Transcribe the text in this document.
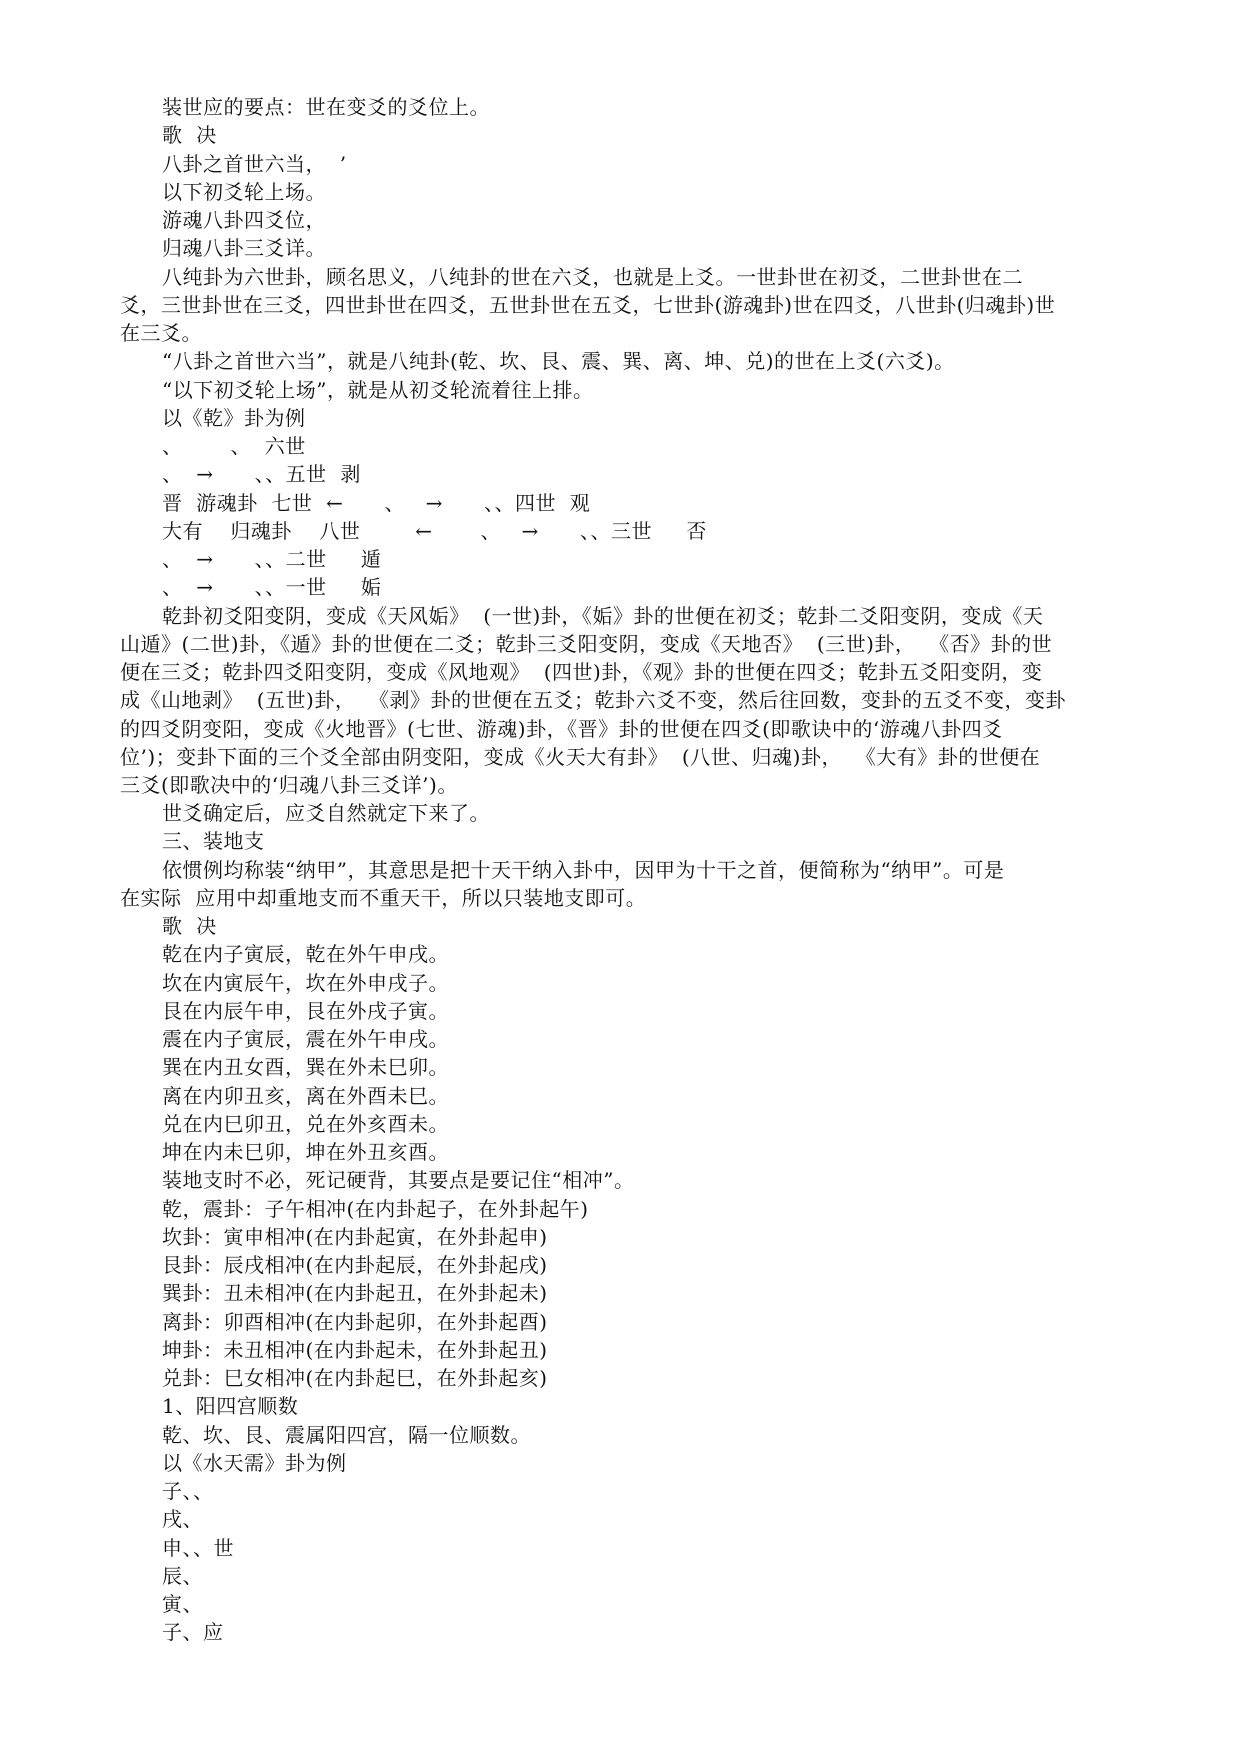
装世应的要点：世在变爻的爻位上。
歌  决
八卦之首世六当，  ’
以下初爻轮上场。
游魂八卦四爻位，
归魂八卦三爻详。
八纯卦为六世卦，顾名思义，八纯卦的世在六爻，也就是上爻。一世卦世在初爻，二世卦世在二
爻，三世卦世在三爻，四世卦世在四爻，五世卦世在五爻，七世卦(游魂卦)世在四爻，八世卦(归魂卦)世
在三爻。
“八卦之首世六当”，就是八纯卦(乾、坎、艮、震、巽、离、坤、兑)的世在上爻(六爻)。
“以下初爻轮上场”，就是从初爻轮流着往上排。
以《乾》卦为例
、       、  六世
、  →      、、五世  剥
晋  游魂卦  七世  ←      、   →      、、四世  观
大有    归魂卦    八世        ←       、   →      、、三世     否
、  →      、、二世     遁
、  →      、、一世     姤
乾卦初爻阳变阴，变成《天风姤》  (一世)卦，《姤》卦的世便在初爻；乾卦二爻阳变阴，变成《天
山遁》(二世)卦，《遁》卦的世便在二爻；乾卦三爻阳变阴，变成《天地否》  (三世)卦，  《否》卦的世
便在三爻；乾卦四爻阳变阴，变成《风地观》  (四世)卦，《观》卦的世便在四爻；乾卦五爻阳变阴，变
成《山地剥》  (五世)卦，  《剥》卦的世便在五爻；乾卦六爻不变，然后往回数，变卦的五爻不变，变卦
的四爻阴变阳，变成《火地晋》(七世、游魂)卦，《晋》卦的世便在四爻(即歌诀中的‘游魂八卦四爻
位’)；变卦下面的三个爻全部由阴变阳，变成《火天大有卦》  (八世、归魂)卦，  《大有》卦的世便在
三爻(即歌决中的‘归魂八卦三爻详’)。
世爻确定后，应爻自然就定下来了。
三、装地支
依惯例均称装“纳甲”，其意思是把十天干纳入卦中，因甲为十干之首，便简称为“纳甲”。可是
在实际  应用中却重地支而不重天干，所以只装地支即可。
歌  决
乾在内子寅辰，乾在外午申戌。
坎在内寅辰午，坎在外申戌子。
艮在内辰午申，艮在外戌子寅。
震在内子寅辰，震在外午申戌。
巽在内丑女酉，巽在外未巳卯。
离在内卯丑亥，离在外酉未巳。
兑在内巳卯丑，兑在外亥酉未。
坤在内未巳卯，坤在外丑亥酉。
装地支时不必，死记硬背，其要点是要记住“相冲”。
乾，震卦：子午相冲(在内卦起子，在外卦起午)
坎卦：寅申相冲(在内卦起寅，在外卦起申)
艮卦：辰戌相冲(在内卦起辰，在外卦起戌)
巽卦：丑未相冲(在内卦起丑，在外卦起未)
离卦：卯酉相冲(在内卦起卯，在外卦起酉)
坤卦：未丑相冲(在内卦起未，在外卦起丑)
兑卦：巳女相冲(在内卦起巳，在外卦起亥)
1、阳四宫顺数
乾、坎、艮、震属阳四宫，隔一位顺数。
以《水天需》卦为例
子、、
戌、
申、、世
辰、
寅、
子、应
